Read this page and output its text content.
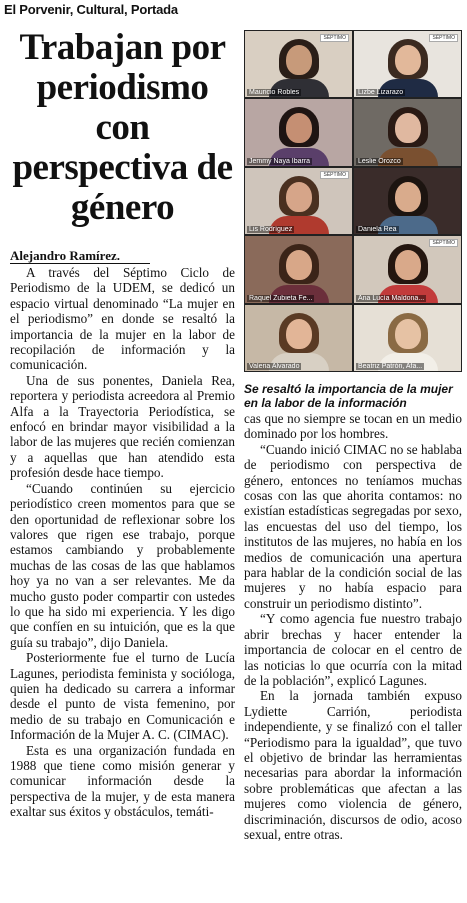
El Porvenir, Cultural, Portada
Trabajan por periodismo con perspectiva de género
Alejandro Ramírez.

A través del Séptimo Ciclo de Periodismo de la UDEM, se dedicó un espacio virtual denominado “La mujer en el periodismo” en donde se resaltó la importancia de la mujer en la labor de recopilación de información y la comunicación.

Una de sus ponentes, Daniela Rea, reportera y periodista acreedora al Premio Alfa a la Trayectoria Periodística, se enfocó en brindar mayor visibilidad a la labor de las mujeres que recién comienzan y a aquellas que han atendido esta profesión desde hace tiempo.

“Cuando continúen su ejercicio periodístico creen momentos para que se den oportunidad de reflexionar sobre los valores que rigen ese trabajo, porque estamos cambiando y probablemente muchas de las cosas de las que hablamos hoy ya no van a ser relevantes. Me da mucho gusto poder compartir con ustedes lo que ha sido mi experiencia. Y les digo que confíen en su intuición, que es la que guía su trabajo”, dijo Daniela.

Posteriormente fue el turno de Lucía Lagunes, periodista feminista y socióloga, quien ha dedicado su carrera a informar desde el punto de vista femenino, por medio de su trabajo en Comunicación e Información de la Mujer A. C. (CIMAC).

Esta es una organización fundada en 1988 que tiene como misión generar y comunicar información desde la perspectiva de la mujer, y de esta manera exaltar sus éxitos y obstáculos, temáti-

SÉPTIMO
Mauricio Robles
SÉPTIMO
Lizbe Lizarazo
Jemmy Naya Ibarra	Leslie Orozco
SÉPTIMO
Lis Rodríguez	Daniela Rea
Raquel Zubieta Fe...
SÉPTIMO
Ana Lucía Maldona...
Valeria Alvarado	Beatriz Patrón, Afa...
Se resaltó la importancia de la mujer en la labor de la información

cas que no siempre se tocan en un medio dominado por los hombres.

“Cuando inició CIMAC no se hablaba de periodismo con perspectiva de género, entonces no teníamos muchas cosas con las que ahorita contamos: no existían estadísticas segregadas por sexo, las encuestas del uso del tiempo, los institutos de las mujeres, no había en los medios de comunicación una apertura para hablar de la condición social de las mujeres y no había espacio para construir un periodismo distinto”.

“Y como agencia fue nuestro trabajo abrir brechas y hacer entender la importancia de colocar en el centro de las noticias lo que ocurría con la mitad de la población”, explicó Lagunes.

En la jornada también expuso Lydiette Carrión, periodista independiente, y se finalizó con el taller “Periodismo para la igualdad”, que tuvo el objetivo de brindar las herramientas necesarias para abordar la información sobre problemáticas que afectan a las mujeres como violencia de género, discriminación, discursos de odio, acoso sexual, entre otras.
